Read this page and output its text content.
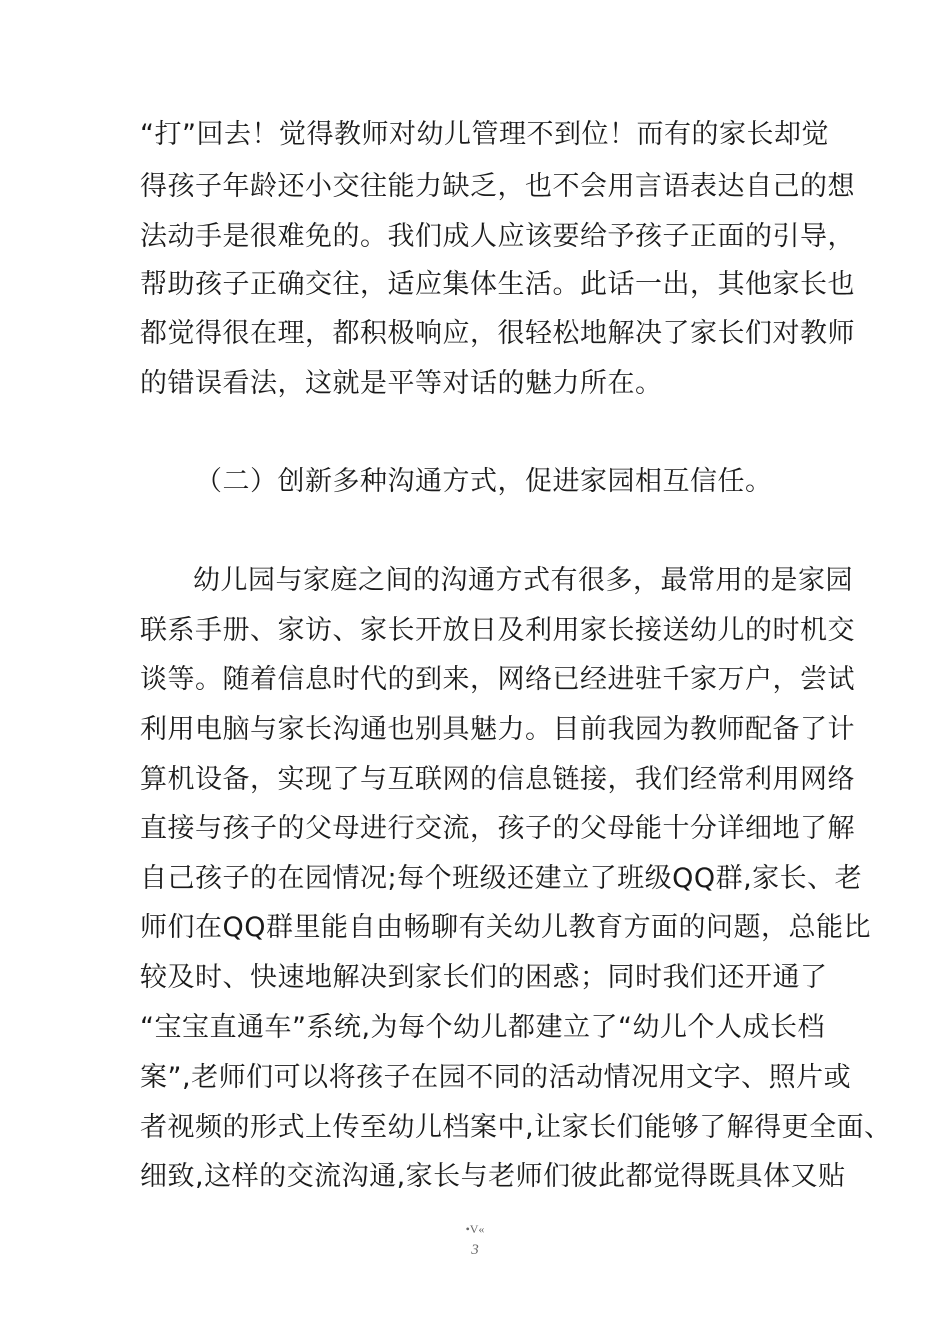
“打”回去！觉得教师对幼儿管理不到位！而有的家长却觉
得孩子年龄还小交往能力缺乏，也不会用言语表达自己的想
法动手是很难免的。我们成人应该要给予孩子正面的引导，
帮助孩子正确交往，适应集体生活。此话一出，其他家长也
都觉得很在理，都积极响应，很轻松地解决了家长们对教师
的错误看法，这就是平等对话的魅力所在。
（二）创新多种沟通方式，促进家园相互信任。
幼儿园与家庭之间的沟通方式有很多，最常用的是家园
联系手册、家访、家长开放日及利用家长接送幼儿的时机交
谈等。随着信息时代的到来，网络已经进驻千家万户，尝试
利用电脑与家长沟通也别具魅力。目前我园为教师配备了计
算机设备，实现了与互联网的信息链接，我们经常利用网络
直接与孩子的父母进行交流，孩子的父母能十分详细地了解
自己孩子的在园情况;每个班级还建立了班级QQ群,家长、老
师们在QQ群里能自由畅聊有关幼儿教育方面的问题，总能比
较及时、快速地解决到家长们的困惑；同时我们还开通了
“宝宝直通车”系统,为每个幼儿都建立了“幼儿个人成长档
案”,老师们可以将孩子在园不同的活动情况用文字、照片或
者视频的形式上传至幼儿档案中,让家长们能够了解得更全面、
细致,这样的交流沟通,家长与老师们彼此都觉得既具体又贴
•V«
3
